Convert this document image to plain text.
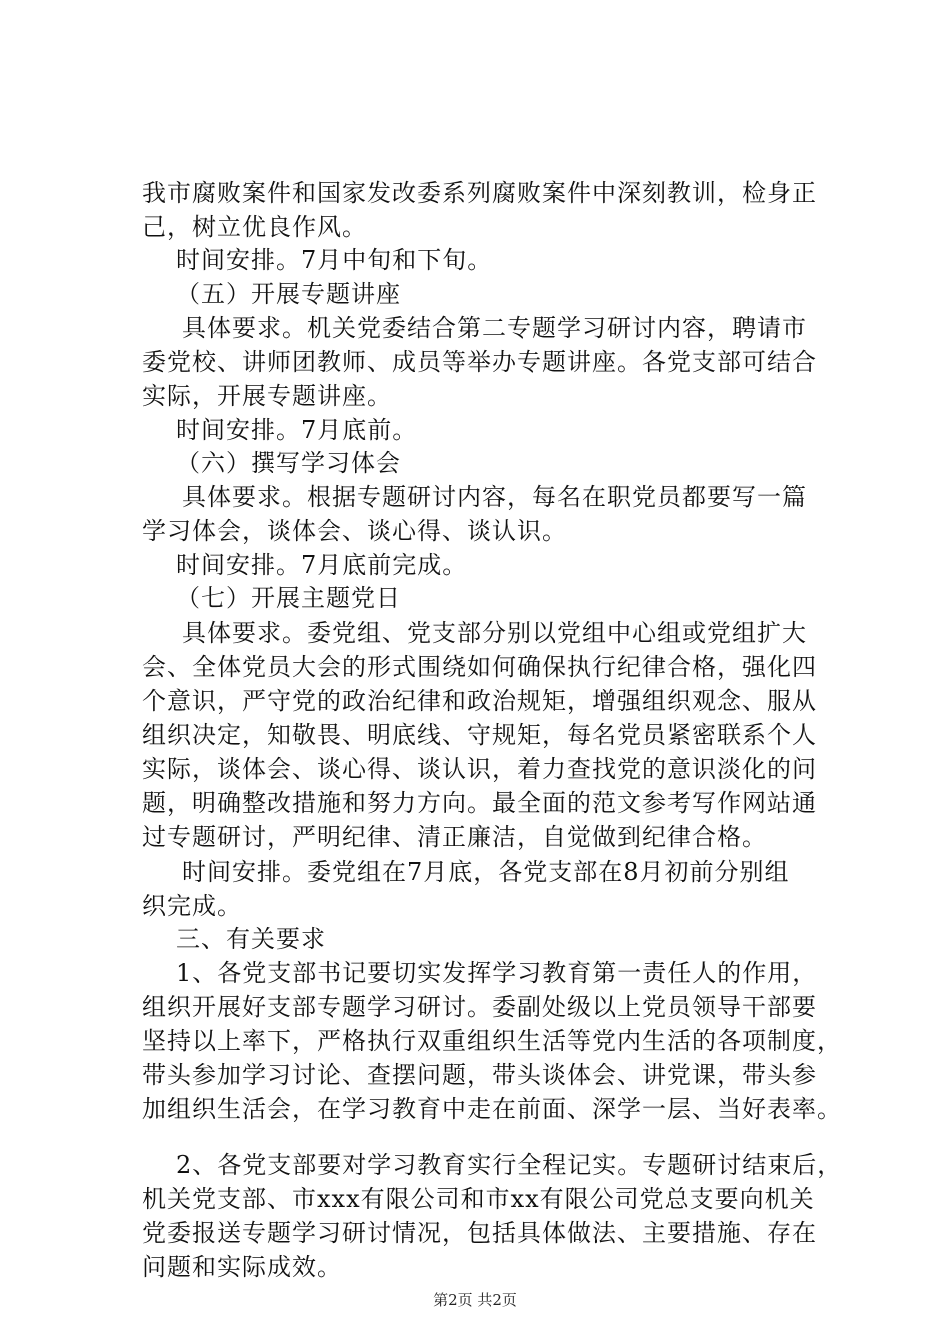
我市腐败案件和国家发改委系列腐败案件中深刻教训，检身正
己，树立优良作风。
时间安排。7月中旬和下旬。
（五）开展专题讲座
具体要求。机关党委结合第二专题学习研讨内容，聘请市
委党校、讲师团教师、成员等举办专题讲座。各党支部可结合
实际，开展专题讲座。
时间安排。7月底前。
（六）撰写学习体会
具体要求。根据专题研讨内容，每名在职党员都要写一篇
学习体会，谈体会、谈心得、谈认识。
时间安排。7月底前完成。
（七）开展主题党日
具体要求。委党组、党支部分别以党组中心组或党组扩大
会、全体党员大会的形式围绕如何确保执行纪律合格，强化四
个意识，严守党的政治纪律和政治规矩，增强组织观念、服从
组织决定，知敬畏、明底线、守规矩，每名党员紧密联系个人
实际，谈体会、谈心得、谈认识，着力查找党的意识淡化的问
题，明确整改措施和努力方向。最全面的范文参考写作网站通
过专题研讨，严明纪律、清正廉洁，自觉做到纪律合格。
时间安排。委党组在7月底，各党支部在8月初前分别组
织完成。
三、有关要求
1、各党支部书记要切实发挥学习教育第一责任人的作用，
组织开展好支部专题学习研讨。委副处级以上党员领导干部要
坚持以上率下，严格执行双重组织生活等党内生活的各项制度，
带头参加学习讨论、查摆问题，带头谈体会、讲党课，带头参
加组织生活会，在学习教育中走在前面、深学一层、当好表率。
2、各党支部要对学习教育实行全程记实。专题研讨结束后，
机关党支部、市xxx有限公司和市xx有限公司党总支要向机关
党委报送专题学习研讨情况，包括具体做法、主要措施、存在
问题和实际成效。
第2页 共2页
